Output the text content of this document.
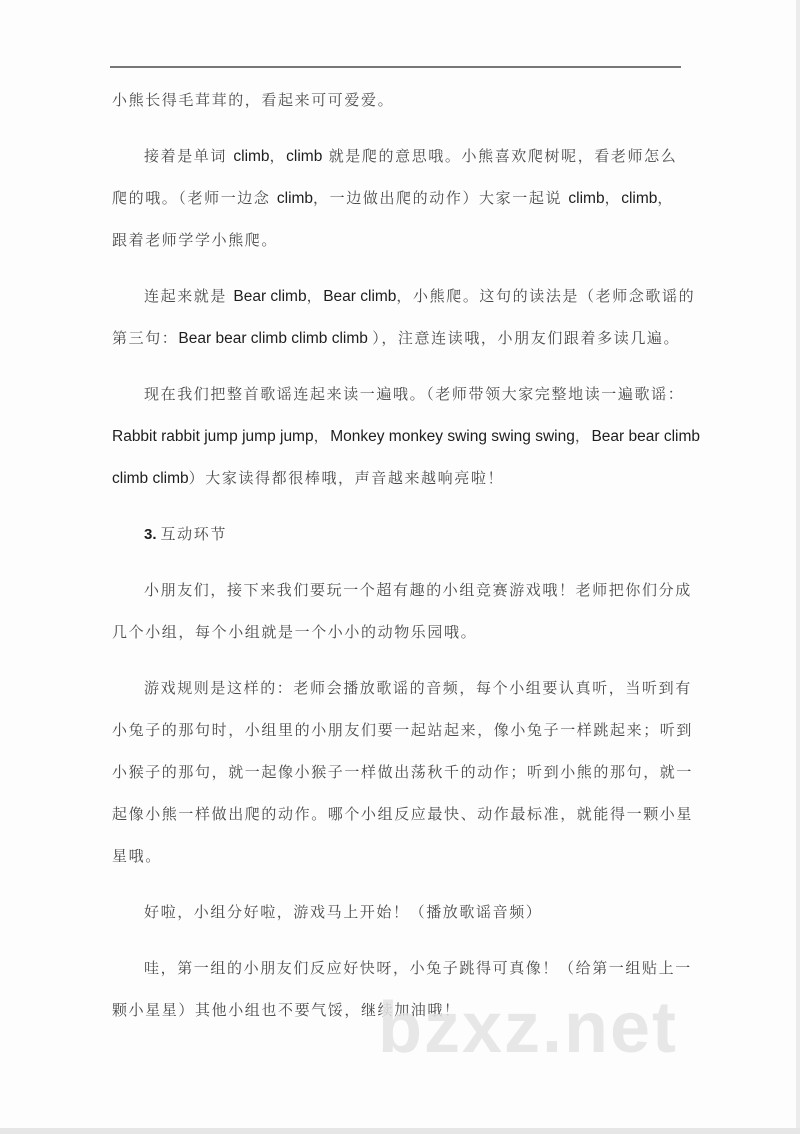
小熊长得毛茸茸的，看起来可可爱爱。
接着是单词 climb，climb 就是爬的意思哦。小熊喜欢爬树呢，看老师怎么
爬的哦。（老师一边念 climb，一边做出爬的动作）大家一起说 climb，climb，
跟着老师学学小熊爬。
连起来就是 Bear climb，Bear climb，小熊爬。这句的读法是（老师念歌谣的
第三句：Bear bear climb climb climb ），注意连读哦，小朋友们跟着多读几遍。
现在我们把整首歌谣连起来读一遍哦。（老师带领大家完整地读一遍歌谣：
Rabbit rabbit jump jump jump，Monkey monkey swing swing swing，Bear bear climb
climb climb）大家读得都很棒哦，声音越来越响亮啦！
3. 互动环节
小朋友们，接下来我们要玩一个超有趣的小组竞赛游戏哦！老师把你们分成
几个小组，每个小组就是一个小小的动物乐园哦。
游戏规则是这样的：老师会播放歌谣的音频，每个小组要认真听，当听到有
小兔子的那句时，小组里的小朋友们要一起站起来，像小兔子一样跳起来；听到
小猴子的那句，就一起像小猴子一样做出荡秋千的动作；听到小熊的那句，就一
起像小熊一样做出爬的动作。哪个小组反应最快、动作最标准，就能得一颗小星
星哦。
好啦，小组分好啦，游戏马上开始！（播放歌谣音频）
哇，第一组的小朋友们反应好快呀，小兔子跳得可真像！（给第一组贴上一
颗小星星）其他小组也不要气馁，继续加油哦！
bzxz.net
